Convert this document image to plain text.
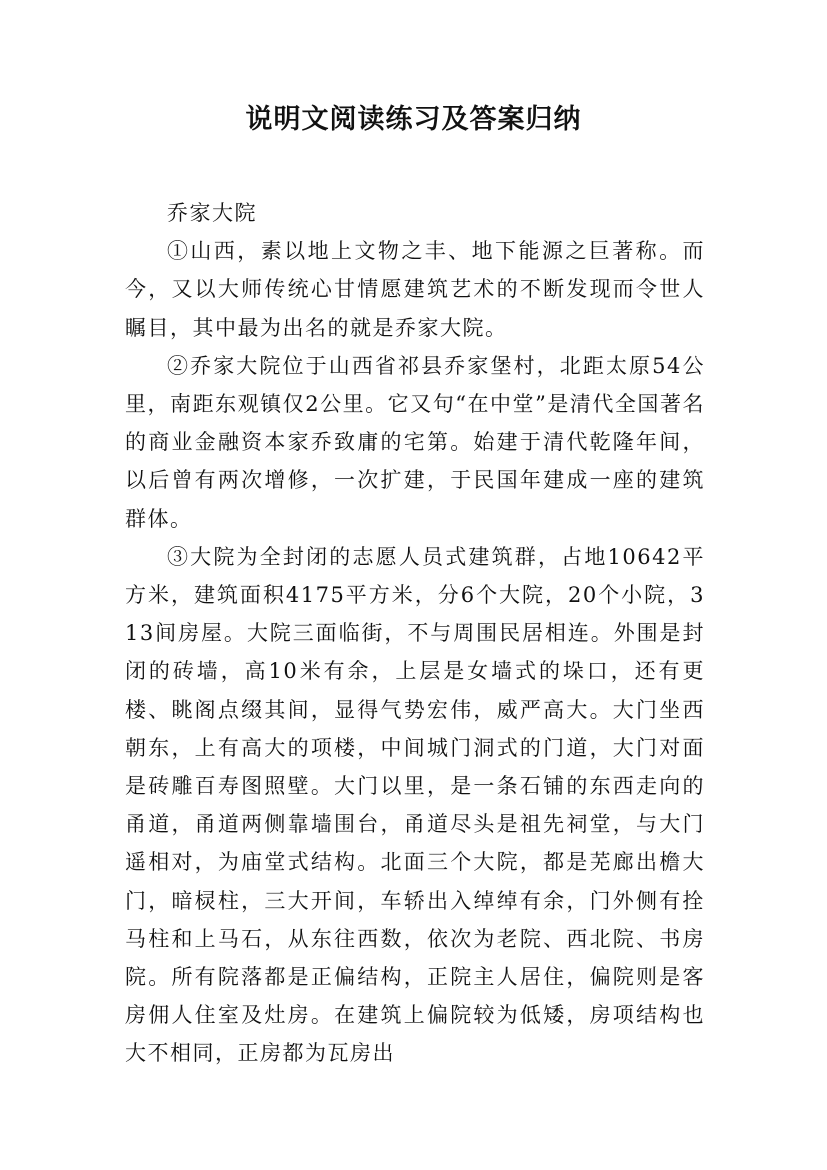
说明文阅读练习及答案归纳

乔家大院

①山西，素以地上文物之丰、地下能源之巨著称。而今，又以大师传统心甘情愿建筑艺术的不断发现而令世人瞩目，其中最为出名的就是乔家大院。

②乔家大院位于山西省祁县乔家堡村，北距太原54公里，南距东观镇仅2公里。它又句“在中堂”是清代全国著名的商业金融资本家乔致庸的宅第。始建于清代乾隆年间，以后曾有两次增修，一次扩建，于民国年建成一座的建筑群体。

③大院为全封闭的志愿人员式建筑群，占地10642平方米，建筑面积4175平方米，分6个大院，20个小院，313间房屋。大院三面临街，不与周围民居相连。外围是封闭的砖墙，高10米有余，上层是女墙式的垛口，还有更楼、眺阁点缀其间，显得气势宏伟，威严高大。大门坐西朝东，上有高大的项楼，中间城门洞式的门道，大门对面是砖雕百寿图照壁。大门以里，是一条石铺的东西走向的甬道，甬道两侧靠墙围台，甬道尽头是祖先祠堂，与大门遥相对，为庙堂式结构。北面三个大院，都是芜廊出檐大门，暗棂柱，三大开间，车轿出入绰绰有余，门外侧有拴马柱和上马石，从东往西数，依次为老院、西北院、书房院。所有院落都是正偏结构，正院主人居住，偏院则是客房佣人住室及灶房。在建筑上偏院较为低矮，房项结构也大不相同，正房都为瓦房出
